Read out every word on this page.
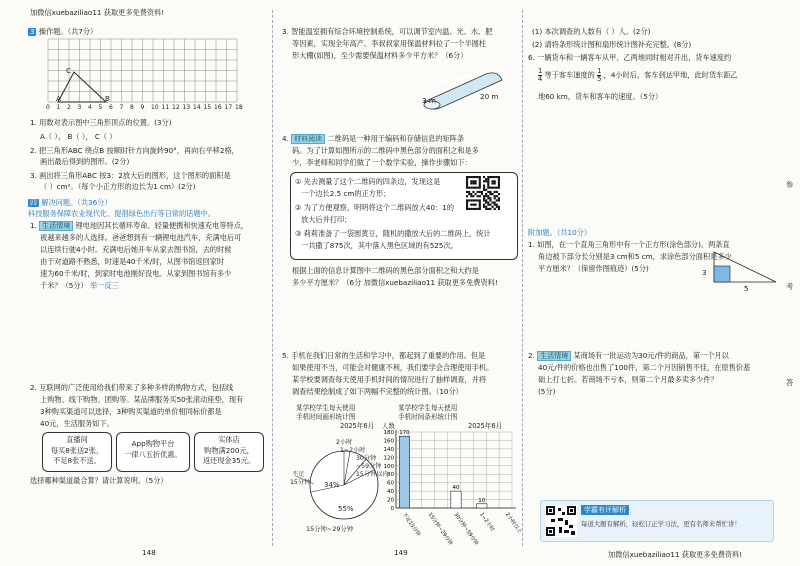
加微信xuebaziliao11 获取更多免费资料!
3 操作题。（共7分）
A	B
C
0 1 2 3 4 5 6 7 8 9 10 11 12 13 14 15 16 17 18
1. 用数对表示图中三角形顶点的位置。(3分)
A（ ）， B（ ）， C（ ）
2. 把三角形ABC 绕点B 按顺时针方向旋转90°，再向右平移2格，
画出最后得到的图形。(2分)
3. 画出将三角形ABC 按3：2放大后的图形，这个图形的面积是
（ ）cm²。（每个小正方形的边长为1 cm）(2分)
四 解决问题。（共36分）
科技服务保障农业现代化、提倡绿色出行等日常的话题中。
1. 生活情境 锂电池因其长循环寿命、轻量便携和快速充电等特点，
被越来越多的人选择。爸爸想到有一辆锂电池汽车，充满电后可
以连续行驶4小时。充满电后她开车从家去图书馆，去的时候
由于对道路不熟悉，时速是40千米/时，从图书馆返回家时
速为60千米/时，到家时电池刚好没电。从家到图书馆有多少
千米？（5分） 举一反三
2. 互联网的广泛使用给我们带来了多种多样的购物方式，包括线
上购物、线下购物、团购等。某品牌服务买50张滚动座垫，现有
3种购买渠道可以选择，3种购买渠道的单价相同标价都是
40元，生活服务如下。
直播间
每买8张送2张，
不足8张不送。
App购物平台
一律八五折优惠。
实体店
购物满200元，
返还现金35元。
选择哪种渠道最合算？请计算说明。（5分）
148
3. 智能温室拥有综合环境控制系统，可以调节室内温、光、水、肥
等因素，实现全年高产。李叔叔家用保温材料拉了一个半圆柱
形大棚(如图)，至少需要保温材料多少平方米？（6分）
3 m	20 m
4. 材料阅读 二维码是一种用于编码和存储信息的矩阵条
码。为了计算如图所示的二维码中黑色部分的面积之和是多
少，李老师和同学们做了一个数学实验，操作步骤如下：
① 先去测量了这个二维码的四条边，发现这是
一个边长2.5 cm的正方形；
② 为了方便观察，明明将这个二维码放大40：1的
放大后并打印；
③ 莉莉准备了一袋圆黄豆，随机的撒放大后的二维码上，统计
一共撒了875次，其中落入黑色区域的有525次。
根据上面的信息计算图中二维码的黑色部分面积之和大约是
多少平方厘米？（6分 加微信xuebaziliao11 获取更多免费资料!
5. 手机在我们日常的生活和学习中，都起到了重要的作用。但是
如果使用不当，可能会对健康不利，我们要学会合理使用手机。
某学校要调查每天使用手机时间的情况进行了抽样调查，并将
调查结果绘制成了如下两幅不完整的统计图。（10分）
某学校学生每天使用
手机时间画形统计图
2025年6月
2小时
1~2小时
30分钟
~59分钟
15分钟以内
不足
15分钟 34%
55%
15分钟~29分钟
某学校学生每天使用
手机时间条形统计图
人数	2025年6月
0
20
40
60
80
100
120
140
160
180 170
不足15分钟 15分钟~29分钟
40
30分钟~59分钟
10
1~2小时	2小时以上
149
(1) 本次调查的人数有（ ）人。(2分)
(2) 请将条形统计图和扇形统计图补充完整。(8分)
6. 一辆货车和一辆客车从甲、乙两地同时相对开出，货车速度约
$\frac{1}{4}$ 等于客车速度的 $\frac{1}{5}$ ，4小时后，客车到达甲地，此时货车距乙
地60 km，货车和客车的速度。（5分）
参
考
答
附加题。（共10分）
1. 如图，在一个直角三角形中有一个正方形(涂色部分)。两条直
角边被下部分长分别是3 cm和5 cm，求涂色部分面积是多少
平方厘米？（保留作图痕迹）(5分)	3
5
2. 生活情境 某商场有一批运动为30元/件的商品，第一个月以
40元/件的价格也出售了100件，第二个月因销售不佳，在原售价基
础上打七折。若商场不亏本，则第二个月最多卖多少件？
(5分)
学霸有评解析
每道大题有解析，轻松订正学习法，更有名师来帮忙讲！
加微信xuebaziliao11 获取更多免费资料!
